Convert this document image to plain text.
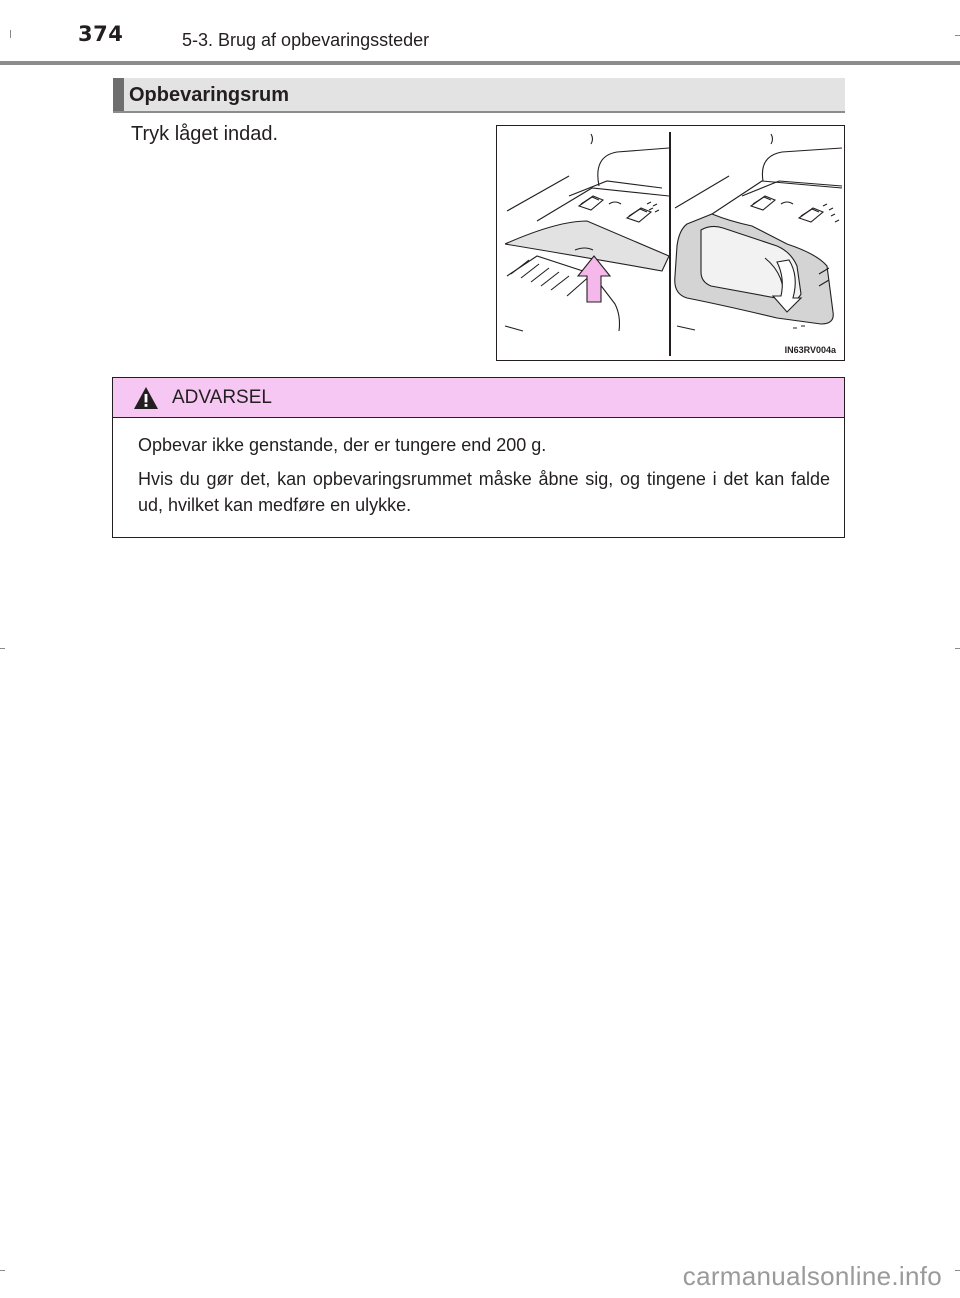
374	5-3. Brug af opbevaringssteder
Opbevaringsrum
Tryk låget indad.
IN63RV004a
ADVARSEL
Opbevar ikke genstande, der er tungere end 200 g.
Hvis du gør det, kan opbevaringsrummet måske åbne sig, og tingene i det kan falde ud, hvilket kan medføre en ulykke.
carmanualsonline.info
